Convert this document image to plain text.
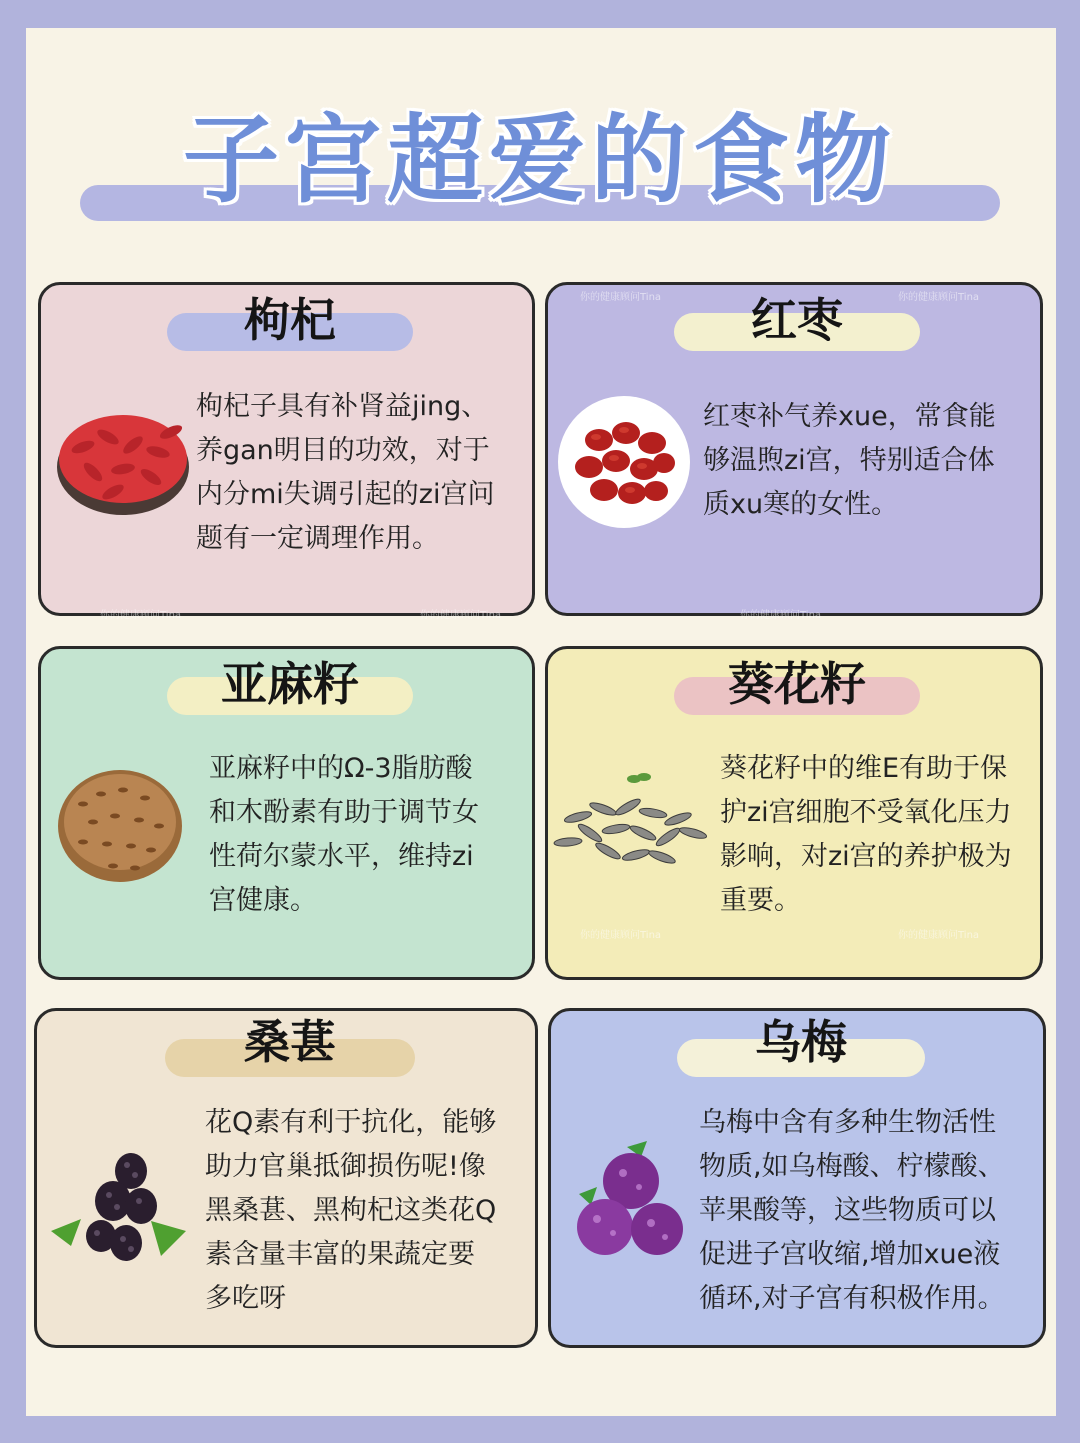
子宫超爱的食物
枸杞
枸杞子具有补肾益jing、
养gan明目的功效，对于
内分mi失调引起的zi宫问
题有一定调理作用。
红枣
红枣补气养xue，常食能
够温煦zi宫，特别适合体
质xu寒的女性。
亚麻籽
亚麻籽中的Ω-3脂肪酸
和木酚素有助于调节女
性荷尔蒙水平，维持zi
宫健康。
葵花籽
葵花籽中的维E有助于保
护zi宫细胞不受氧化压力
影响，对zi宫的养护极为
重要。
桑葚
花Q素有利于抗化，能够
助力官巢抵御损伤呢!像
黑桑葚、黑枸杞这类花Q
素含量丰富的果蔬定要
多吃呀
乌梅
乌梅中含有多种生物活性
物质,如乌梅酸、柠檬酸、
苹果酸等，这些物质可以
促进子宫收缩,增加xue液
循环,对子宫有积极作用。
你的健康顾问Tina	你的健康顾问Tina
你的健康顾问Tina	你的健康顾问Tina	你的健康顾问Tina
你的健康顾问Tina	你的健康顾问Tina
